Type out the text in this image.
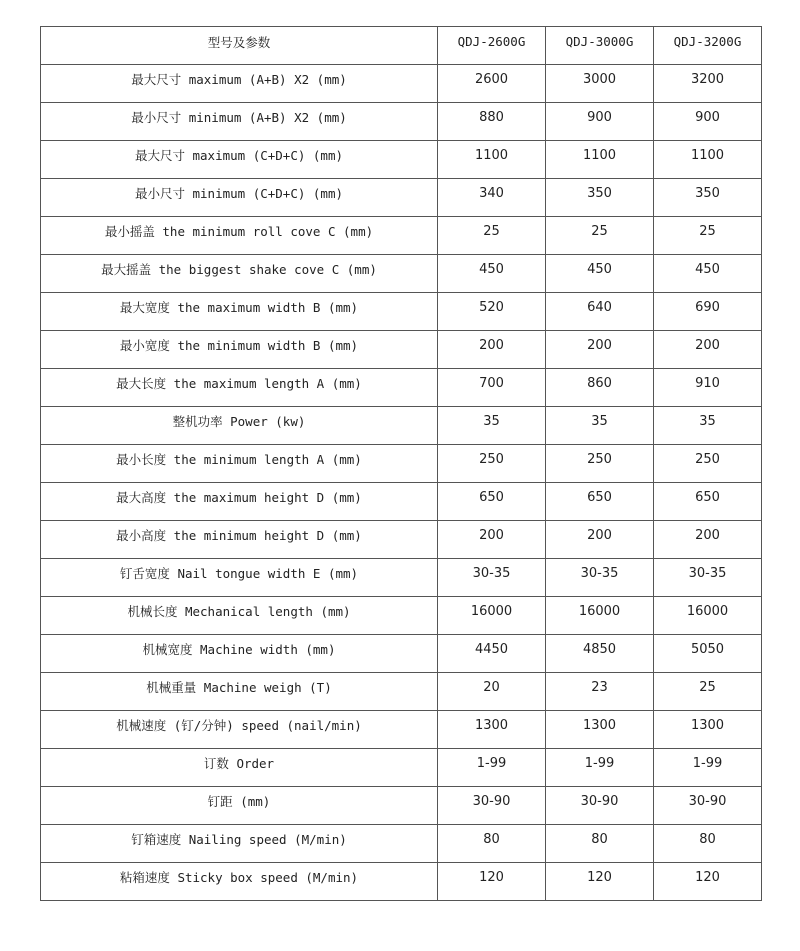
型号及参数	QDJ-2600G	QDJ-3000G	QDJ-3200G
最大尺寸 maximum (A+B) X2 (mm)	2600	3000	3200
最小尺寸 minimum (A+B) X2 (mm)	880	900	900
最大尺寸 maximum (C+D+C) (mm)	1100	1100	1100
最小尺寸 minimum (C+D+C) (mm)	340	350	350
最小摇盖 the minimum roll cove C (mm)	25	25	25
最大摇盖 the biggest shake cove C (mm)	450	450	450
最大宽度 the maximum width B (mm)	520	640	690
最小宽度 the minimum width B (mm)	200	200	200
最大长度 the maximum length A (mm)	700	860	910
整机功率 Power (kw)	35	35	35
最小长度 the minimum length A (mm)	250	250	250
最大高度 the maximum height D (mm)	650	650	650
最小高度 the minimum height D (mm)	200	200	200
钉舌宽度 Nail tongue width E (mm)	30-35	30-35	30-35
机械长度 Mechanical length (mm)	16000	16000	16000
机械宽度 Machine width (mm)	4450	4850	5050
机械重量 Machine weigh (T)	20	23	25
机械速度 (钉/分钟) speed (nail/min)	1300	1300	1300
订数 Order	1-99	1-99	1-99
钉距 (mm)	30-90	30-90	30-90
钉箱速度 Nailing speed (M/min)	80	80	80
粘箱速度 Sticky box speed (M/min)	120	120	120
